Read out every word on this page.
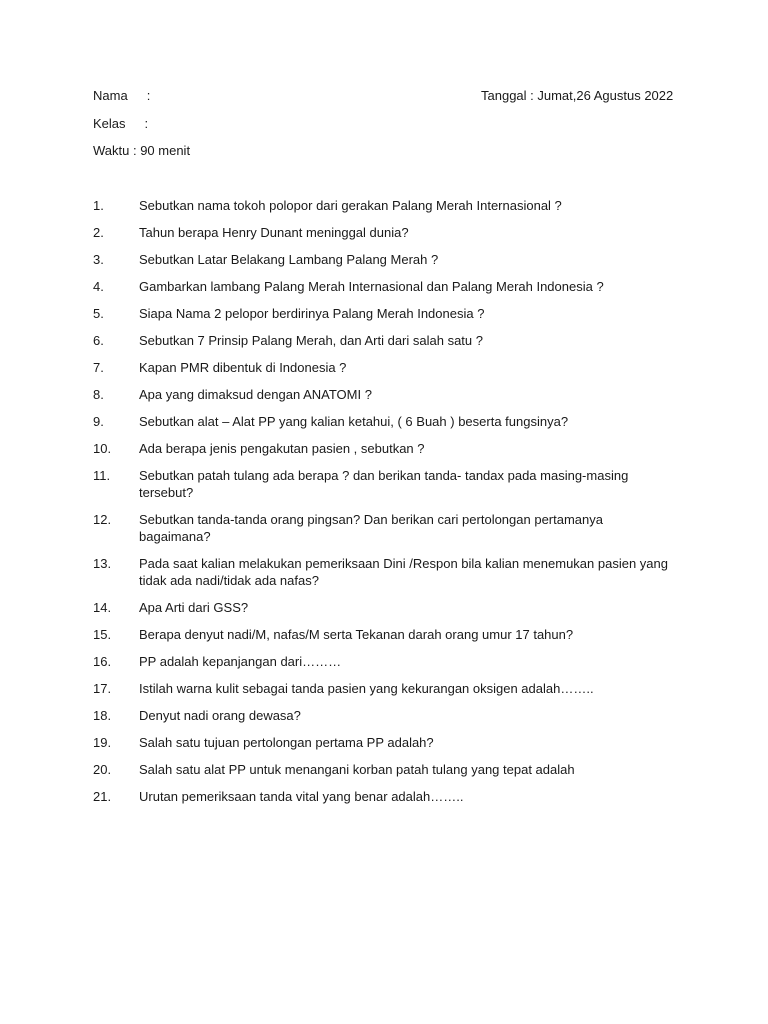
Nama :	Tanggal : Jumat,26 Agustus 2022
Kelas :
Waktu : 90 menit
1.	Sebutkan nama tokoh polopor dari gerakan Palang Merah Internasional ?
2.	Tahun berapa Henry Dunant meninggal dunia?
3.	Sebutkan Latar Belakang Lambang Palang Merah ?
4.	Gambarkan lambang Palang Merah Internasional dan Palang Merah Indonesia ?
5.	Siapa Nama 2 pelopor berdirinya Palang Merah Indonesia ?
6.	Sebutkan 7 Prinsip Palang Merah, dan Arti dari salah satu ?
7.	Kapan PMR dibentuk di Indonesia ?
8.	Apa yang dimaksud dengan ANATOMI ?
9.	Sebutkan alat – Alat PP yang kalian ketahui, ( 6 Buah ) beserta fungsinya?
10.	Ada berapa jenis pengakutan pasien , sebutkan ?
11.	Sebutkan patah tulang ada berapa ? dan berikan tanda- tandax pada masing-masing tersebut?
12.	Sebutkan tanda-tanda orang pingsan? Dan berikan cari pertolongan pertamanya bagaimana?
13.	Pada saat kalian melakukan pemeriksaan Dini /Respon bila kalian menemukan pasien yang tidak ada nadi/tidak ada nafas?
14.	Apa Arti dari GSS?
15.	Berapa denyut nadi/M, nafas/M serta Tekanan darah orang umur 17 tahun?
16.	PP adalah kepanjangan dari………
17.	Istilah warna kulit sebagai tanda pasien yang kekurangan oksigen adalah……..
18.	Denyut nadi orang dewasa?
19.	Salah satu tujuan pertolongan pertama PP adalah?
20.	Salah satu alat PP untuk menangani korban patah tulang yang tepat adalah
21.	Urutan pemeriksaan tanda vital yang benar adalah……..
